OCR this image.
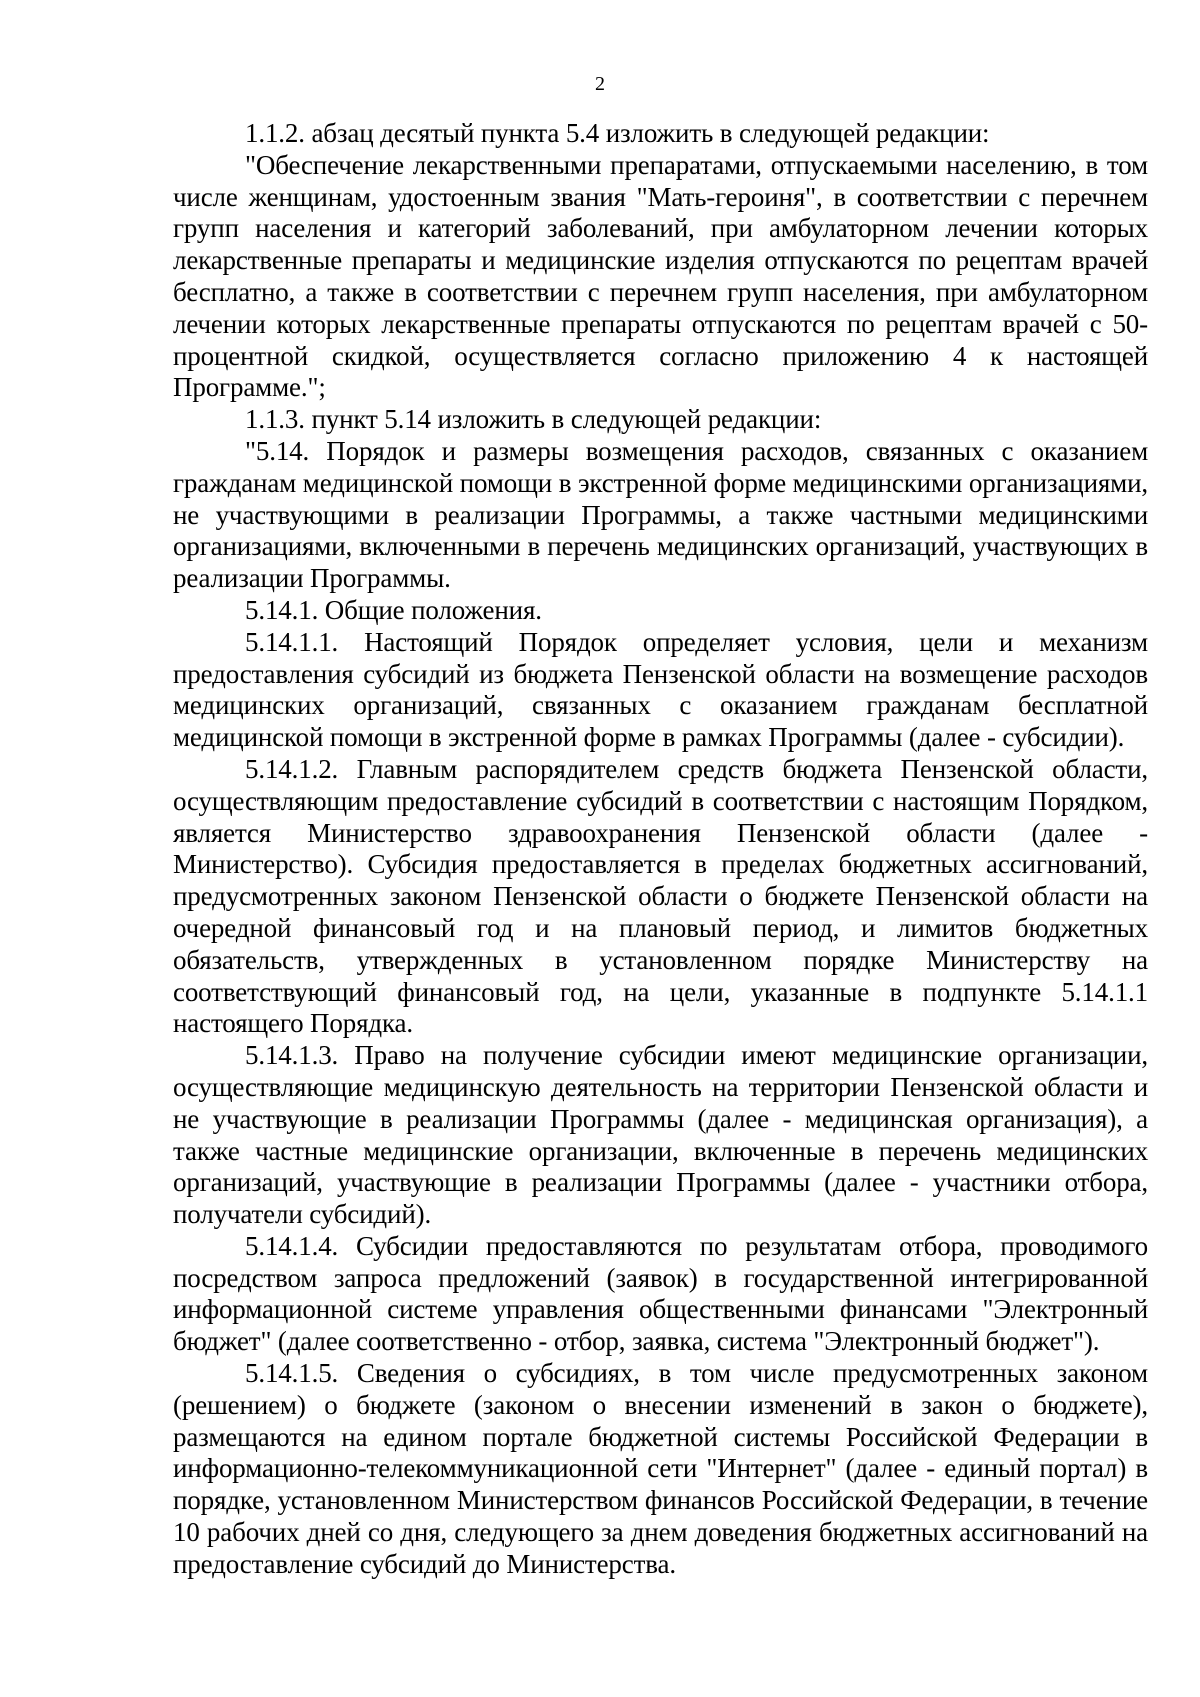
2

1.1.2. абзац десятый пункта 5.4 изложить в следующей редакции:

"Обеспечение лекарственными препаратами, отпускаемыми населению, в том числе женщинам, удостоенным звания "Мать-героиня", в соответствии с перечнем групп населения и категорий заболеваний, при амбулаторном лечении которых лекарственные препараты и медицинские изделия отпускаются по рецептам врачей бесплатно, а также в соответствии с перечнем групп населения, при амбулаторном лечении которых лекарственные препараты отпускаются по рецептам врачей с 50-процентной скидкой, осуществляется согласно приложению 4 к настоящей Программе.";

1.1.3. пункт 5.14 изложить в следующей редакции:

"5.14. Порядок и размеры возмещения расходов, связанных с оказанием гражданам медицинской помощи в экстренной форме медицинскими организациями, не участвующими в реализации Программы, а также частными медицинскими организациями, включенными в перечень медицинских организаций, участвующих в реализации Программы.

5.14.1. Общие положения.

5.14.1.1. Настоящий Порядок определяет условия, цели и механизм предоставления субсидий из бюджета Пензенской области на возмещение расходов медицинских организаций, связанных с оказанием гражданам бесплатной медицинской помощи в экстренной форме в рамках Программы (далее - субсидии).

5.14.1.2. Главным распорядителем средств бюджета Пензенской области, осуществляющим предоставление субсидий в соответствии с настоящим Порядком, является Министерство здравоохранения Пензенской области (далее - Министерство). Субсидия предоставляется в пределах бюджетных ассигнований, предусмотренных законом Пензенской области о бюджете Пензенской области на очередной финансовый год и на плановый период, и лимитов бюджетных обязательств, утвержденных в установленном порядке Министерству на соответствующий финансовый год, на цели, указанные в подпункте 5.14.1.1 настоящего Порядка.

5.14.1.3. Право на получение субсидии имеют медицинские организации, осуществляющие медицинскую деятельность на территории Пензенской области и не участвующие в реализации Программы (далее - медицинская организация), а также частные медицинские организации, включенные в перечень медицинских организаций, участвующие в реализации Программы (далее - участники отбора, получатели субсидий).

5.14.1.4. Субсидии предоставляются по результатам отбора, проводимого посредством запроса предложений (заявок) в государственной интегрированной информационной системе управления общественными финансами "Электронный бюджет" (далее соответственно - отбор, заявка, система "Электронный бюджет").

5.14.1.5. Сведения о субсидиях, в том числе предусмотренных законом (решением) о бюджете (законом о внесении изменений в закон о бюджете), размещаются на едином портале бюджетной системы Российской Федерации в информационно-телекоммуникационной сети "Интернет" (далее - единый портал) в порядке, установленном Министерством финансов Российской Федерации, в течение 10 рабочих дней со дня, следующего за днем доведения бюджетных ассигнований на предоставление субсидий до Министерства.
